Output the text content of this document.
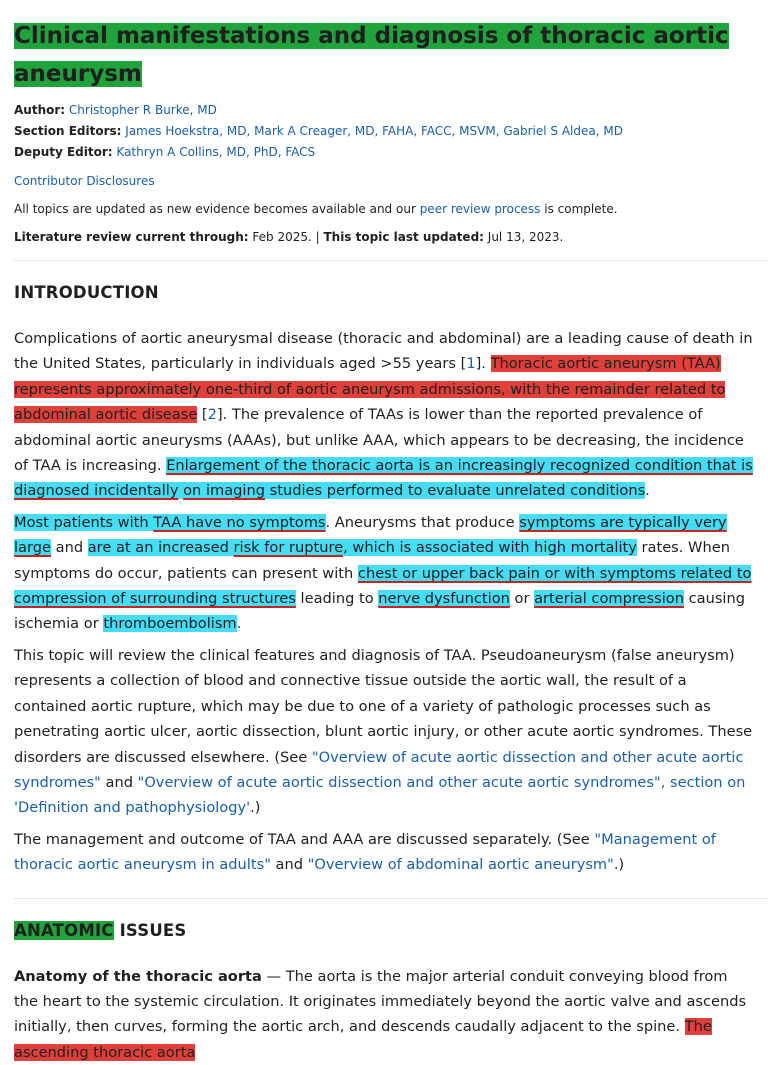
Clinical manifestations and diagnosis of thoracic aortic aneurysm

Author: Christopher R Burke, MD

Section Editors: James Hoekstra, MD, Mark A Creager, MD, FAHA, FACC, MSVM, Gabriel S Aldea, MD

Deputy Editor: Kathryn A Collins, MD, PhD, FACS

Contributor Disclosures

All topics are updated as new evidence becomes available and our peer review process is complete.

Literature review current through: Feb 2025. | This topic last updated: Jul 13, 2023.

INTRODUCTION

Complications of aortic aneurysmal disease (thoracic and abdominal) are a leading cause of death in the United States, particularly in individuals aged >55 years [1]. Thoracic aortic aneurysm (TAA) represents approximately one-third of aortic aneurysm admissions, with the remainder related to abdominal aortic disease [2]. The prevalence of TAAs is lower than the reported prevalence of abdominal aortic aneurysms (AAAs), but unlike AAA, which appears to be decreasing, the incidence of TAA is increasing. Enlargement of the thoracic aorta is an increasingly recognized condition that is diagnosed incidentally on imaging studies performed to evaluate unrelated conditions.

Most patients with TAA have no symptoms. Aneurysms that produce symptoms are typically very large and are at an increased risk for rupture, which is associated with high mortality rates. When symptoms do occur, patients can present with chest or upper back pain or with symptoms related to compression of surrounding structures leading to nerve dysfunction or arterial compression causing ischemia or thromboembolism.

This topic will review the clinical features and diagnosis of TAA. Pseudoaneurysm (false aneurysm) represents a collection of blood and connective tissue outside the aortic wall, the result of a contained aortic rupture, which may be due to one of a variety of pathologic processes such as penetrating aortic ulcer, aortic dissection, blunt aortic injury, or other acute aortic syndromes. These disorders are discussed elsewhere. (See "Overview of acute aortic dissection and other acute aortic syndromes" and "Overview of acute aortic dissection and other acute aortic syndromes", section on 'Definition and pathophysiology'.)

The management and outcome of TAA and AAA are discussed separately. (See "Management of thoracic aortic aneurysm in adults" and "Overview of abdominal aortic aneurysm".)

ANATOMIC ISSUES

Anatomy of the thoracic aorta — The aorta is the major arterial conduit conveying blood from the heart to the systemic circulation. It originates immediately beyond the aortic valve and ascends initially, then curves, forming the aortic arch, and descends caudally adjacent to the spine. The ascending thoracic aorta
